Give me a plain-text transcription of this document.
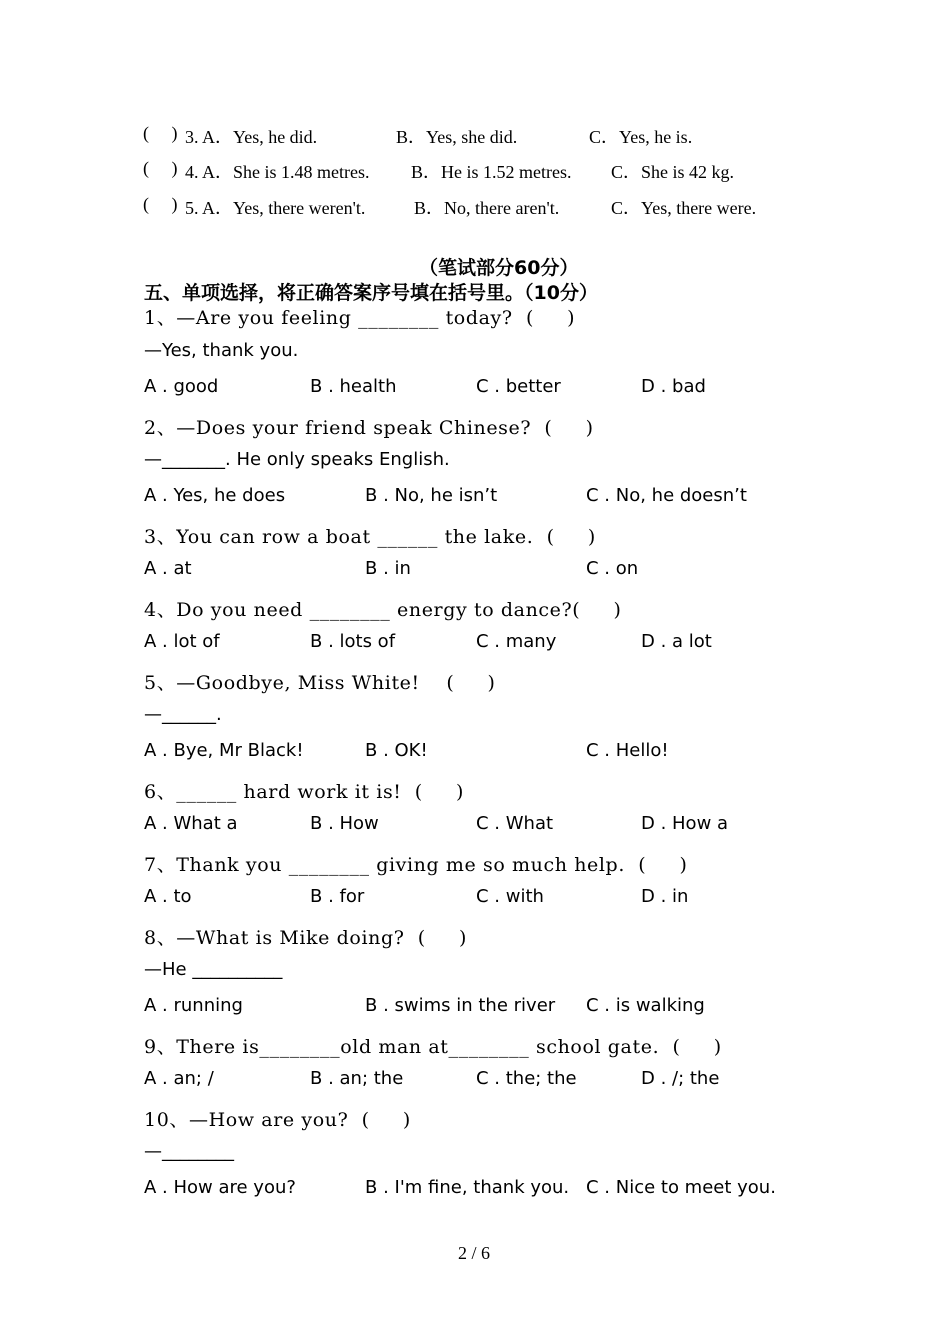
(     ) 3. A．Yes, he did.	B．Yes, she did.	C．Yes, he is.
(     ) 4. A．She is 1.48 metres. B．He is 1.52 metres. C．She is 42 kg.
(     ) 5. A．Yes, there weren't.	B．No, there aren't.	C．Yes, there were.
（笔试部分60分）
五、单项选择，将正确答案序号填在括号里。（10分）
1、—Are you feeling ________ today?  (     )
—Yes, thank you.
A . good	B . health	C . better	D . bad
2、—Does your friend speak Chinese?  (     )
—_______. He only speaks English.
A . Yes, he does	B . No, he isn’t	C . No, he doesn’t
3、You can row a boat ______ the lake.  (     )
A . at	B . in	C . on
4、Do you need ________ energy to dance?(     )
A . lot of	B . lots of	C . many	D . a lot
5、—Goodbye, Miss White!    (     )
—______.
A . Bye, Mr Black!	B . OK!	C . Hello!
6、______ hard work it is!  (     )
A . What a	B . How	C . What	D . How a
7、Thank you ________ giving me so much help.  (     )
A . to	B . for	C . with	D . in
8、—What is Mike doing?  (     )
—He __________
A . running	B . swims in the river C . is walking
9、There is________old man at________ school gate.  (     )
A . an; /	B . an; the	C . the; the	D . /; the
10、—How are you?  (     )
—________
A . How are you?	B . I'm fine, thank you. C . Nice to meet you.
2 / 6
